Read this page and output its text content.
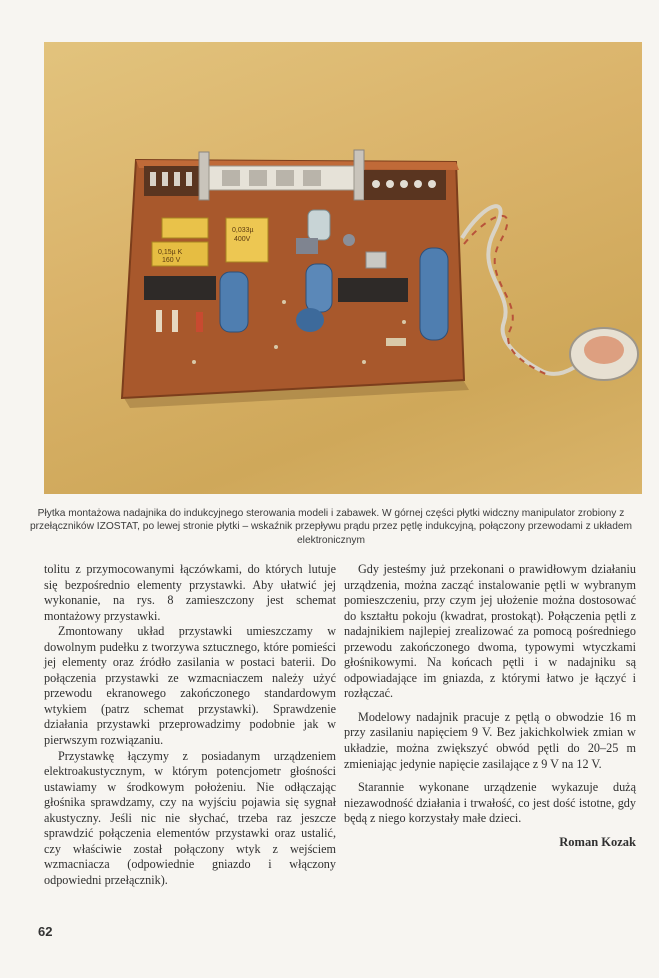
0,033µ
400V
0,15µ K
160 V
Płytka montażowa nadajnika do indukcyjnego sterowania modeli i zabawek. W górnej części płytki widczny manipulator zrobiony z przełączników IZOSTAT, po lewej stronie płytki – wskaźnik przepływu prądu przez pętlę indukcyjną, połączony przewodami z układem elektronicznym

tolitu z przymocowanymi łączówkami, do których lutuje się bezpośrednio elementy przystawki. Aby ułatwić jej wykonanie, na rys. 8 zamieszczony jest schemat montażowy przystawki.

Zmontowany układ przystawki umieszczamy w dowolnym pudełku z tworzywa sztucznego, które pomieści jej elementy oraz źródło zasilania w postaci baterii. Do połączenia przystawki ze wzmacniaczem należy użyć przewodu ekranowego zakończonego standardowym wtykiem (patrz schemat przystawki). Sprawdzenie działania przystawki przeprowadzimy podobnie jak w pierwszym rozwiązaniu.

Przystawkę łączymy z posiadanym urządzeniem elektroakustycznym, w którym potencjometr głośności ustawiamy w środkowym położeniu. Nie odłączając głośnika sprawdzamy, czy na wyjściu pojawia się sygnał akustyczny. Jeśli nic nie słychać, trzeba raz jeszcze sprawdzić połączenia elementów przystawki oraz ustalić, czy właściwie został połączony wtyk z wejściem wzmacniacza (odpowiednie gniazdo i włączony odpowiedni przełącznik).

Gdy jesteśmy już przekonani o prawidłowym działaniu urządzenia, można zacząć instalowanie pętli w wybranym pomieszczeniu, przy czym jej ułożenie można dostosować do kształtu pokoju (kwadrat, prostokąt). Połączenia pętli z nadajnikiem najlepiej zrealizować za pomocą pośredniego przewodu zakończonego dwoma, typowymi wtyczkami głośnikowymi. Na końcach pętli i w nadajniku są odpowiadające im gniazda, z którymi łatwo je łączyć i rozłączać.

Modelowy nadajnik pracuje z pętlą o obwodzie 16 m przy zasilaniu napięciem 9 V. Bez jakichkolwiek zmian w układzie, można zwiększyć obwód pętli do 20–25 m zmieniając jedynie napięcie zasilające z 9 V na 12 V.

Starannie wykonane urządzenie wykazuje dużą niezawodność działania i trwałość, co jest dość istotne, gdy będą z niego korzystały małe dzieci.

Roman Kozak

62
